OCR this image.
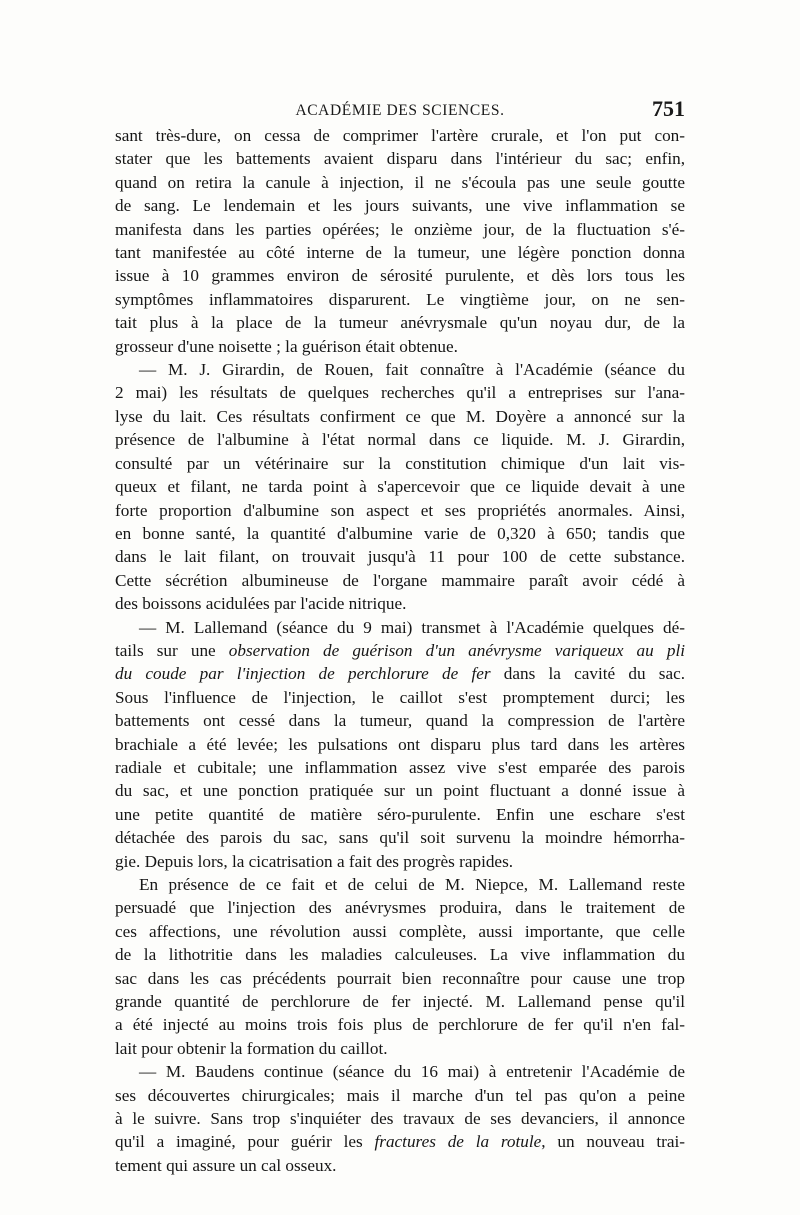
ACADÉMIE DES SCIENCES.	751

sant très-dure, on cessa de comprimer l'artère crurale, et l'on put con-

stater que les battements avaient disparu dans l'intérieur du sac; enfin,

quand on retira la canule à injection, il ne s'écoula pas une seule goutte

de sang. Le lendemain et les jours suivants, une vive inflammation se

manifesta dans les parties opérées; le onzième jour, de la fluctuation s'é-

tant manifestée au côté interne de la tumeur, une légère ponction donna

issue à 10 grammes environ de sérosité purulente, et dès lors tous les

symptômes inflammatoires disparurent. Le vingtième jour, on ne sen-

tait plus à la place de la tumeur anévrysmale qu'un noyau dur, de la

grosseur d'une noisette ; la guérison était obtenue.

— M. J. Girardin, de Rouen, fait connaître à l'Académie (séance du

2 mai) les résultats de quelques recherches qu'il a entreprises sur l'ana-

lyse du lait. Ces résultats confirment ce que M. Doyère a annoncé sur la

présence de l'albumine à l'état normal dans ce liquide. M. J. Girardin,

consulté par un vétérinaire sur la constitution chimique d'un lait vis-

queux et filant, ne tarda point à s'apercevoir que ce liquide devait à une

forte proportion d'albumine son aspect et ses propriétés anormales. Ainsi,

en bonne santé, la quantité d'albumine varie de 0,320 à 650; tandis que

dans le lait filant, on trouvait jusqu'à 11 pour 100 de cette substance.

Cette sécrétion albumineuse de l'organe mammaire paraît avoir cédé à

des boissons acidulées par l'acide nitrique.

— M. Lallemand (séance du 9 mai) transmet à l'Académie quelques dé-

tails sur une observation de guérison d'un anévrysme variqueux au pli

du coude par l'injection de perchlorure de fer dans la cavité du sac.

Sous l'influence de l'injection, le caillot s'est promptement durci; les

battements ont cessé dans la tumeur, quand la compression de l'artère

brachiale a été levée; les pulsations ont disparu plus tard dans les artères

radiale et cubitale; une inflammation assez vive s'est emparée des parois

du sac, et une ponction pratiquée sur un point fluctuant a donné issue à

une petite quantité de matière séro-purulente. Enfin une eschare s'est

détachée des parois du sac, sans qu'il soit survenu la moindre hémorrha-

gie. Depuis lors, la cicatrisation a fait des progrès rapides.

En présence de ce fait et de celui de M. Niepce, M. Lallemand reste

persuadé que l'injection des anévrysmes produira, dans le traitement de

ces affections, une révolution aussi complète, aussi importante, que celle

de la lithotritie dans les maladies calculeuses. La vive inflammation du

sac dans les cas précédents pourrait bien reconnaître pour cause une trop

grande quantité de perchlorure de fer injecté. M. Lallemand pense qu'il

a été injecté au moins trois fois plus de perchlorure de fer qu'il n'en fal-

lait pour obtenir la formation du caillot.

— M. Baudens continue (séance du 16 mai) à entretenir l'Académie de

ses découvertes chirurgicales; mais il marche d'un tel pas qu'on a peine

à le suivre. Sans trop s'inquiéter des travaux de ses devanciers, il annonce

qu'il a imaginé, pour guérir les fractures de la rotule, un nouveau trai-

tement qui assure un cal osseux.
